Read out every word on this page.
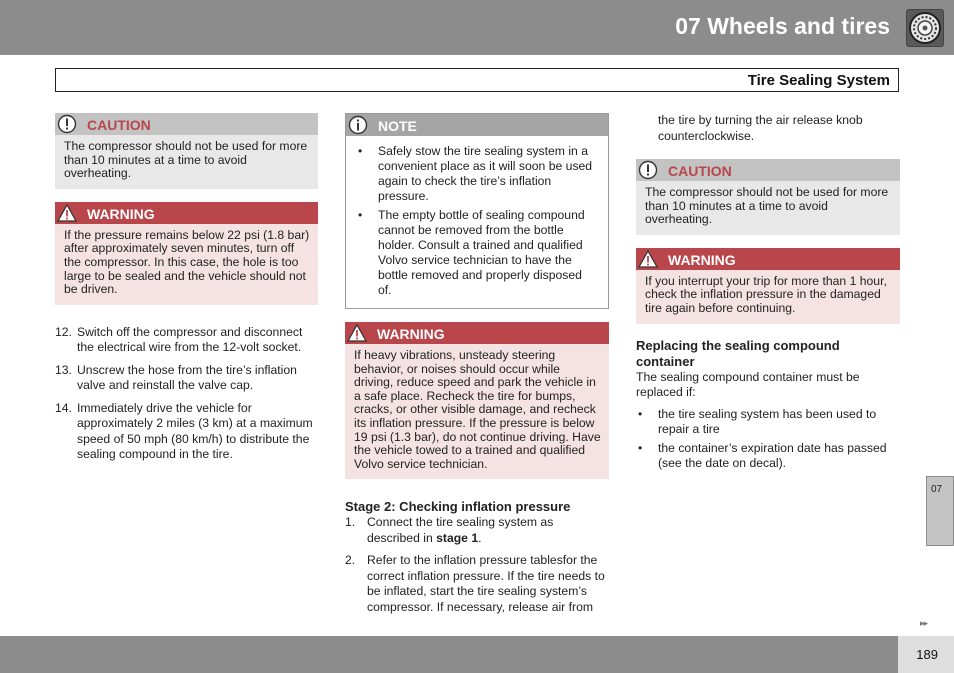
07 Wheels and tires
Tire Sealing System
CAUTION
The compressor should not be used for more than 10 minutes at a time to avoid overheating.
WARNING
If the pressure remains below 22 psi (1.8 bar) after approximately seven minutes, turn off the compressor. In this case, the hole is too large to be sealed and the vehicle should not be driven.
12. Switch off the compressor and disconnect the electrical wire from the 12-volt socket.
13. Unscrew the hose from the tire’s inflation valve and reinstall the valve cap.
14. Immediately drive the vehicle for approximately 2 miles (3 km) at a maximum speed of 50 mph (80 km/h) to distribute the sealing compound in the tire.
NOTE
• Safely stow the tire sealing system in a convenient place as it will soon be used again to check the tire’s inflation pressure.
• The empty bottle of sealing compound cannot be removed from the bottle holder. Consult a trained and qualified Volvo service technician to have the bottle removed and properly disposed of.
WARNING
If heavy vibrations, unsteady steering behavior, or noises should occur while driving, reduce speed and park the vehicle in a safe place. Recheck the tire for bumps, cracks, or other visible damage, and recheck its inflation pressure. If the pressure is below 19 psi (1.3 bar), do not continue driving. Have the vehicle towed to a trained and qualified Volvo service technician.

Stage 2: Checking inflation pressure

1. Connect the tire sealing system as described in stage 1.
2. Refer to the inflation pressure tablesfor the correct inflation pressure. If the tire needs to be inflated, start the tire sealing system’s compressor. If necessary, release air from

the tire by turning the air release knob counterclockwise.

CAUTION
The compressor should not be used for more than 10 minutes at a time to avoid overheating.
WARNING
If you interrupt your trip for more than 1 hour, check the inflation pressure in the damaged tire again before continuing.

Replacing the sealing compound container

The sealing compound container must be replaced if:

• the tire sealing system has been used to repair a tire
• the container’s expiration date has passed (see the date on decal).
07
▸▸
189
